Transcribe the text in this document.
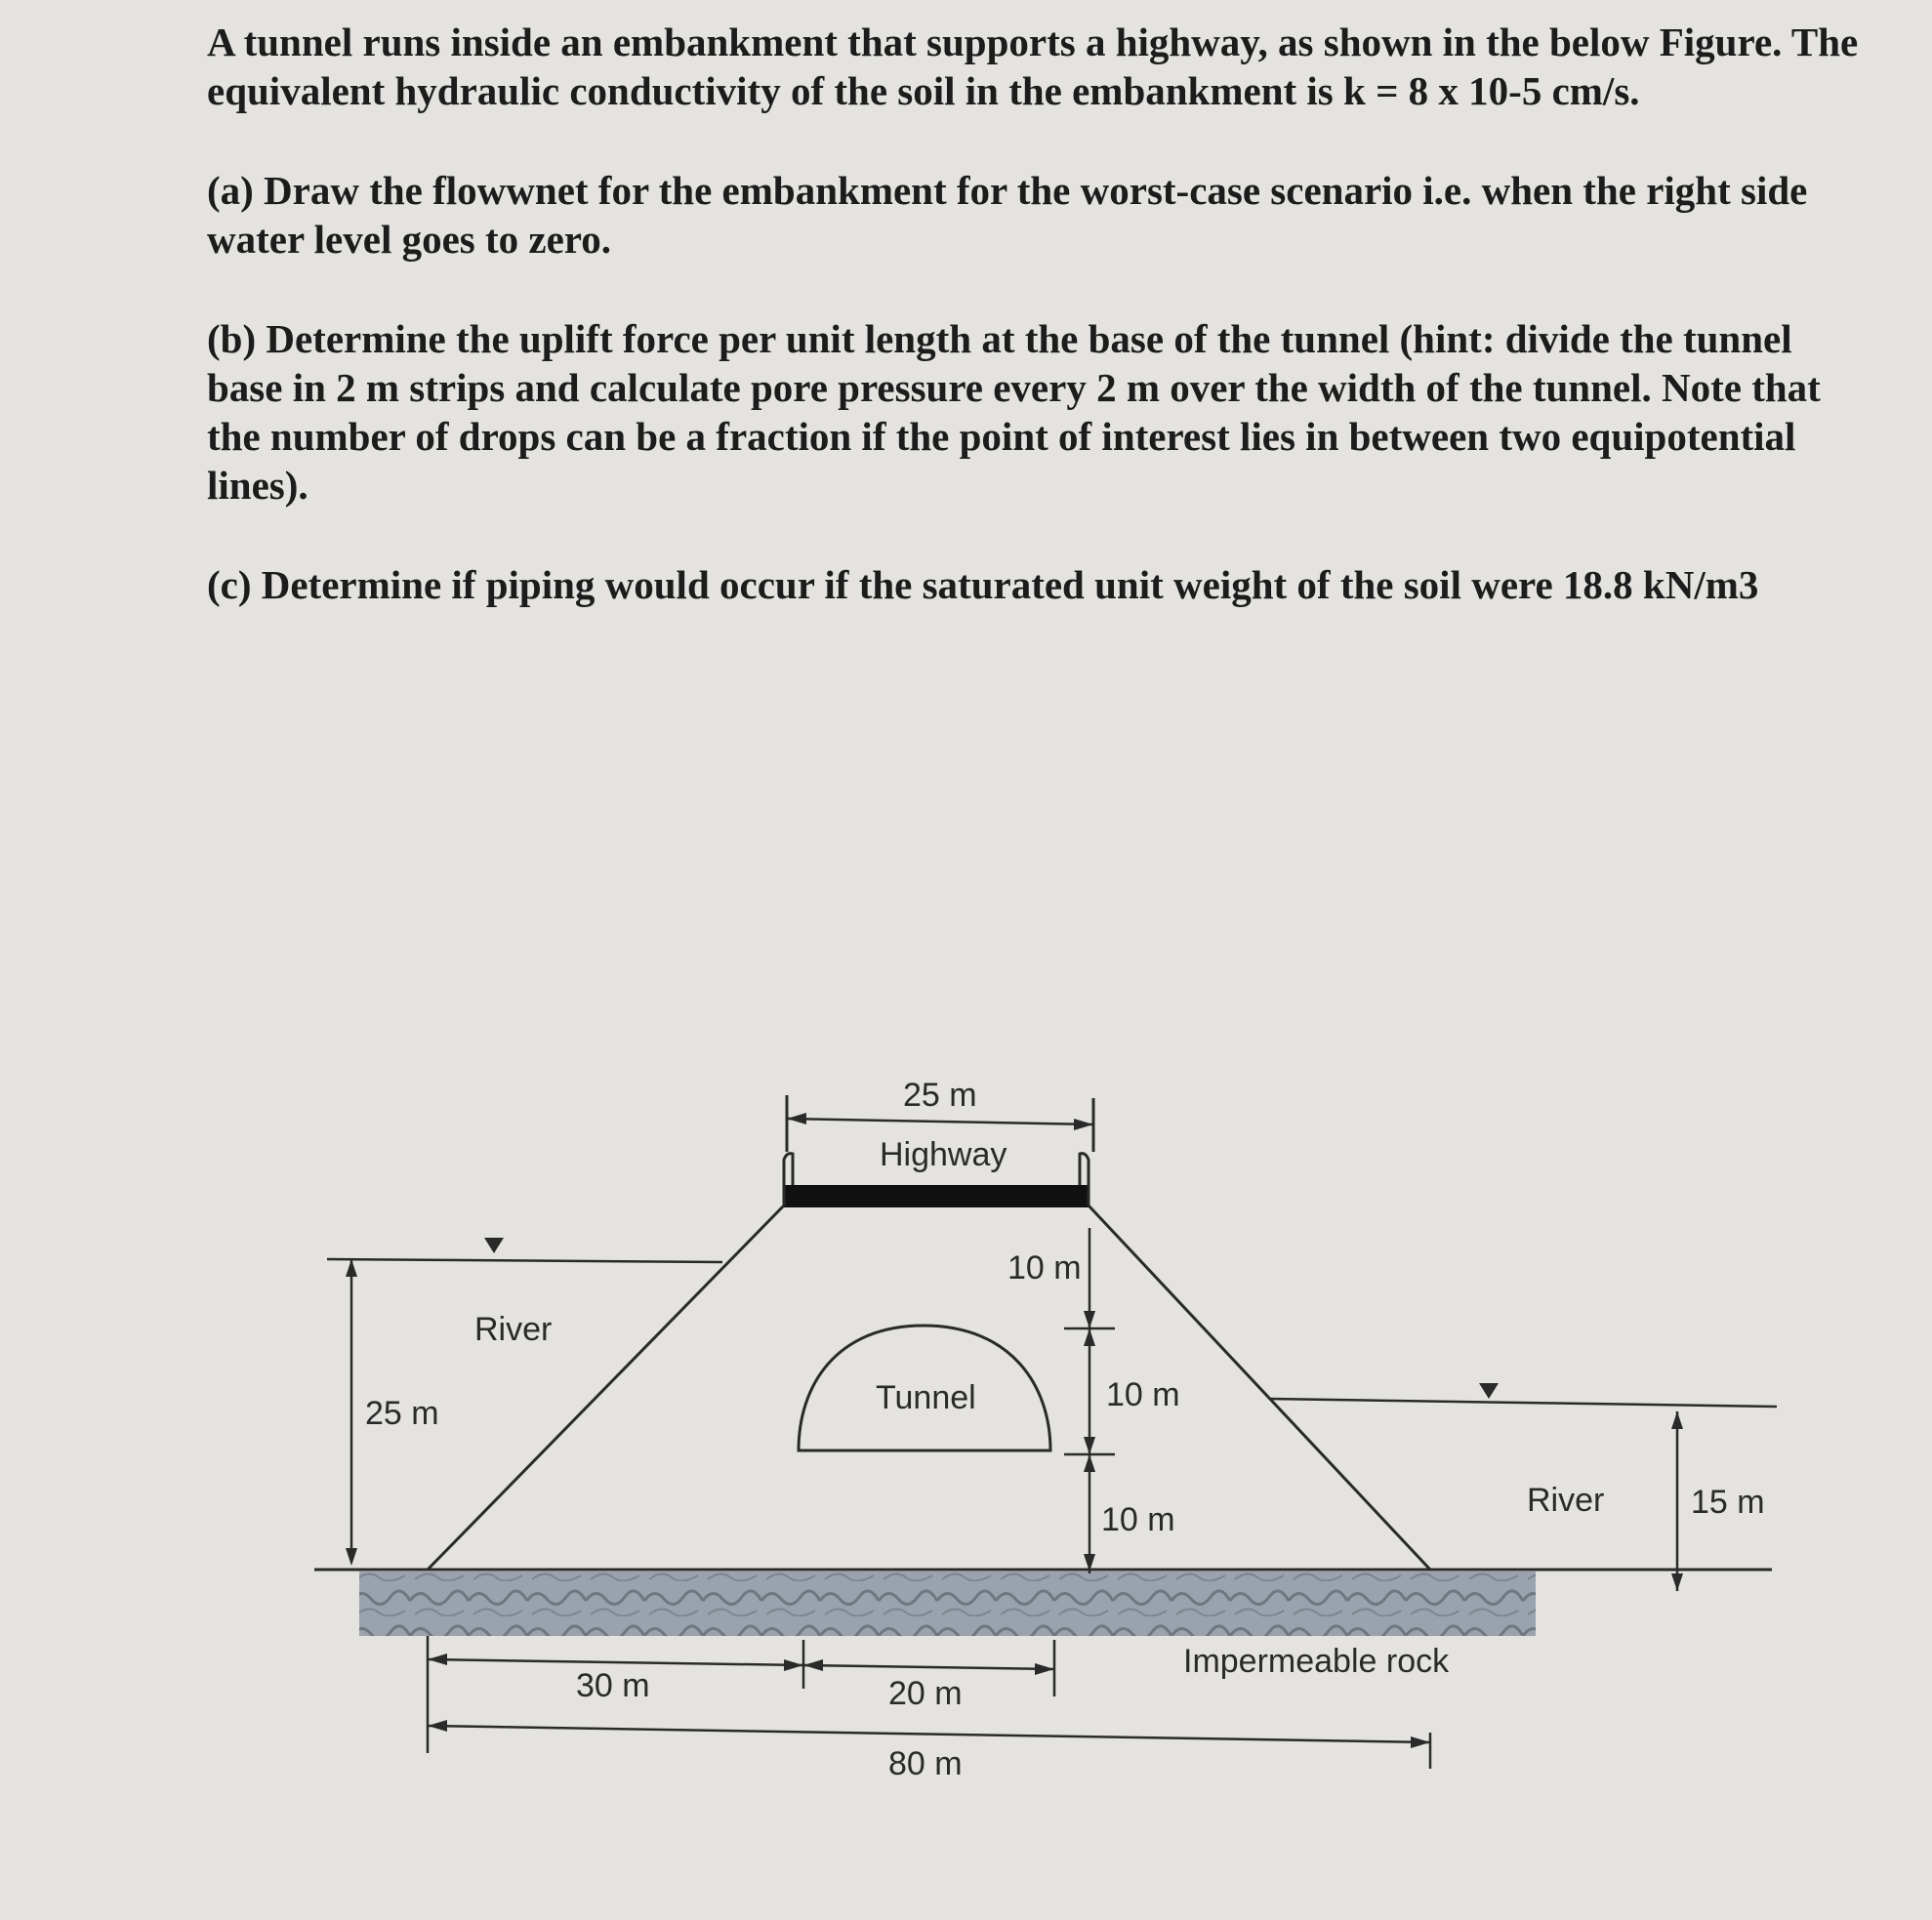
A tunnel runs inside an embankment that supports a highway, as shown in the below Figure. The equivalent hydraulic conductivity of the soil in the embankment is k = 8 x 10-5 cm/s.

(a) Draw the flowwnet for the embankment for the worst-case scenario i.e. when the right side water level goes to zero.

(b) Determine the uplift force per unit length at the base of the tunnel (hint: divide the tunnel base in 2 m strips and calculate pore pressure every 2 m over the width of the tunnel. Note that the number of drops can be a fraction if the point of interest lies in between two equipotential lines).

(c) Determine if piping would occur if the saturated unit weight of the soil were 18.8 kN/m3

25 m
Highway
Tunnel
10 m
10 m
10 m
River
25 m
River	15 m
Impermeable rock
30 m	20 m
80 m
